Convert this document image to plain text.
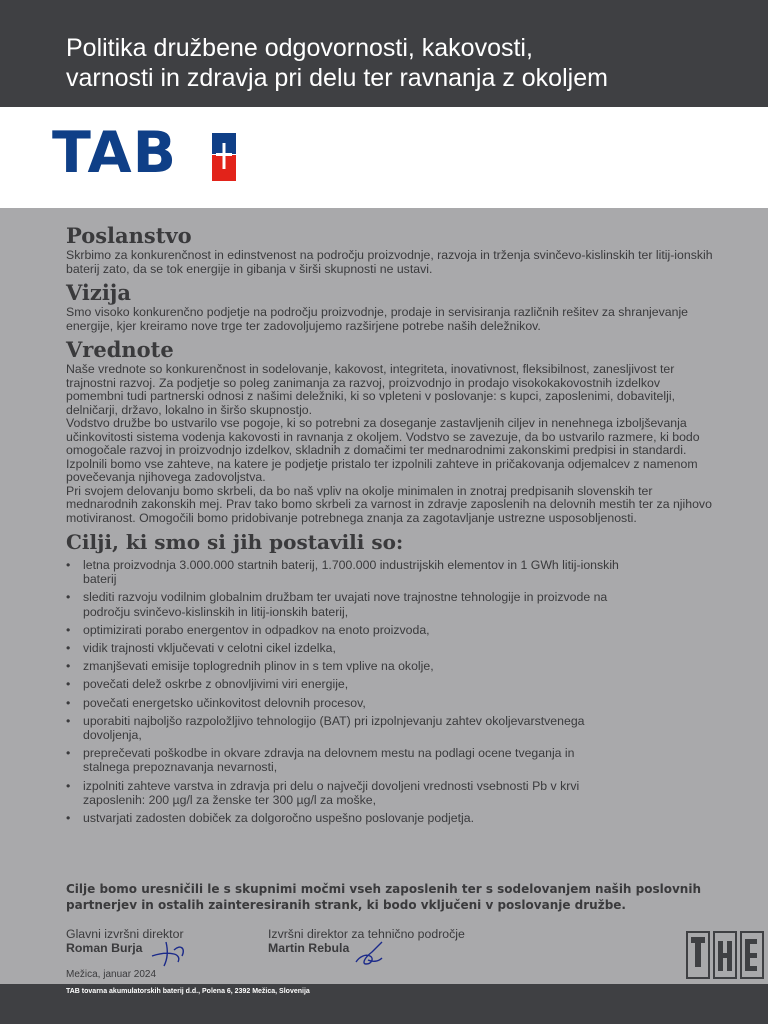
Politika družbene odgovornosti, kakovosti,
varnosti in zdravja pri delu ter ravnanja z okoljem
TAB
Poslanstvo

Skrbimo za konkurenčnost in edinstvenost na področju proizvodnje, razvoja in trženja svinčevo-kislinskih ter litij-ionskih baterij zato, da se tok energije in gibanja v širši skupnosti ne ustavi.

Vizija

Smo visoko konkurenčno podjetje na področju proizvodnje, prodaje in servisiranja različnih rešitev za shranjevanje energije, kjer kreiramo nove trge ter zadovoljujemo razširjene potrebe naših deležnikov.

Vrednote

Naše vrednote so konkurenčnost in sodelovanje, kakovost, integriteta, inovativnost, fleksibilnost, zanesljivost ter trajnostni razvoj. Za podjetje so poleg zanimanja za razvoj, proizvodnjo in prodajo visokokakovostnih izdelkov pomembni tudi partnerski odnosi z našimi deležniki, ki so vpleteni v poslovanje: s kupci, zaposlenimi, dobavitelji, delničarji, državo, lokalno in širšo skupnostjo.

Vodstvo družbe bo ustvarilo vse pogoje, ki so potrebni za doseganje zastavljenih ciljev in nenehnega izboljševanja učinkovitosti sistema vodenja kakovosti in ravnanja z okoljem. Vodstvo se zavezuje, da bo ustvarilo razmere, ki bodo omogočale razvoj in proizvodnjo izdelkov, skladnih z domačimi ter mednarodnimi zakonskimi predpisi in standardi. Izpolnili bomo vse zahteve, na katere je podjetje pristalo ter izpolnili zahteve in pričakovanja odjemalcev z namenom povečevanja njihovega zadovoljstva.

Pri svojem delovanju bomo skrbeli, da bo naš vpliv na okolje minimalen in znotraj predpisanih slovenskih ter mednarodnih zakonskih mej. Prav tako bomo skrbeli za varnost in zdravje zaposlenih na delovnih mestih ter za njihovo motiviranost. Omogočili bomo pridobivanje potrebnega znanja za zagotavljanje ustrezne usposobljenosti.

Cilji, ki smo si jih postavili so:
• letna proizvodnja 3.000.000 startnih baterij, 1.700.000 industrijskih elementov in 1 GWh litij-ionskih baterij
• slediti razvoju vodilnim globalnim družbam ter uvajati nove trajnostne tehnologije in proizvode na področju svinčevo-kislinskih in litij-ionskih baterij,
• optimizirati porabo energentov in odpadkov na enoto proizvoda,
• vidik trajnosti vključevati v celotni cikel izdelka,
• zmanjševati emisije toplogrednih plinov in s tem vplive na okolje,
• povečati delež oskrbe z obnovljivimi viri energije,
• povečati energetsko učinkovitost delovnih procesov,
• uporabiti najboljšo razpoložljivo tehnologijo (BAT) pri izpolnjevanju zahtev okoljevarstvenega dovoljenja,
• preprečevati poškodbe in okvare zdravja na delovnem mestu na podlagi ocene tveganja in stalnega prepoznavanja nevarnosti,
• izpolniti zahteve varstva in zdravja pri delu o največji dovoljeni vrednosti vsebnosti Pb v krvi zaposlenih: 200 µg/l za ženske ter 300 µg/l za moške,
• ustvarjati zadosten dobiček za dolgoročno uspešno poslovanje podjetja.
Cilje bomo uresničili le s skupnimi močmi vseh zaposlenih ter s sodelovanjem naših poslovnih partnerjev in ostalih zainteresiranih strank, ki bodo vključeni v poslovanje družbe.
Glavni izvršni direktor
Roman Burja
Izvršni direktor za tehnično področje
Martin Rebula
Mežica, januar 2024
TAB tovarna akumulatorskih baterij d.d., Polena 6, 2392 Mežica, Slovenija
